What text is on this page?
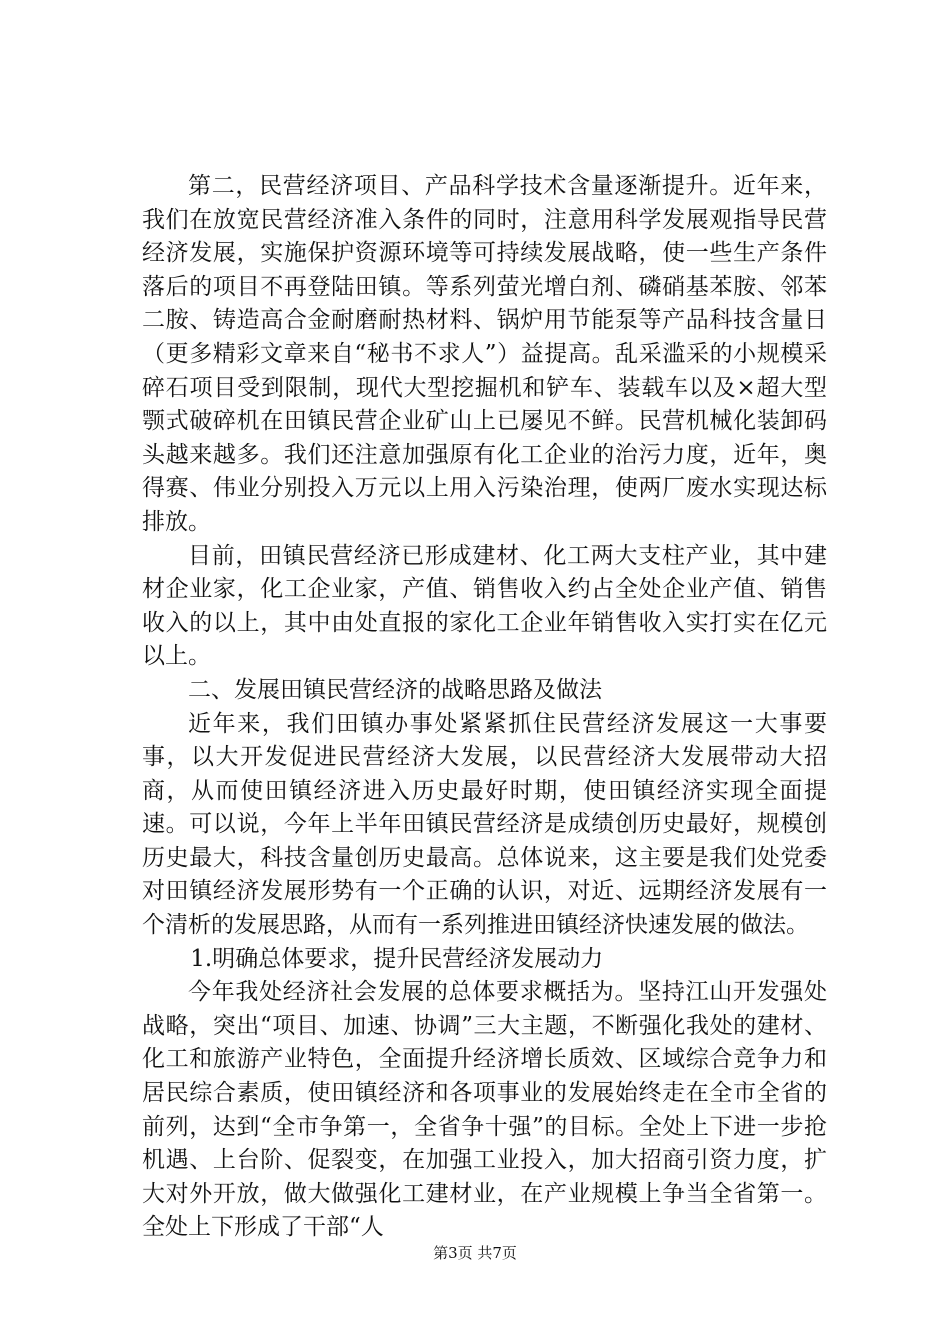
第二，民营经济项目、产品科学技术含量逐渐提升。近年来，我们在放宽民营经济准入条件的同时，注意用科学发展观指导民营经济发展，实施保护资源环境等可持续发展战略，使一些生产条件落后的项目不再登陆田镇。等系列萤光增白剂、磷硝基苯胺、邻苯二胺、铸造高合金耐磨耐热材料、锅炉用节能泵等产品科技含量日（更多精彩文章来自“秘书不求人”）益提高。乱采滥采的小规模采碎石项目受到限制，现代大型挖掘机和铲车、装载车以及×超大型颚式破碎机在田镇民营企业矿山上已屡见不鲜。民营机械化装卸码头越来越多。我们还注意加强原有化工企业的治污力度，近年，奥得赛、伟业分别投入万元以上用入污染治理，使两厂废水实现达标排放。

目前，田镇民营经济已形成建材、化工两大支柱产业，其中建材企业家，化工企业家，产值、销售收入约占全处企业产值、销售收入的以上，其中由处直报的家化工企业年销售收入实打实在亿元以上。

二、发展田镇民营经济的战略思路及做法

近年来，我们田镇办事处紧紧抓住民营经济发展这一大事要事，以大开发促进民营经济大发展，以民营经济大发展带动大招商，从而使田镇经济进入历史最好时期，使田镇经济实现全面提速。可以说，今年上半年田镇民营经济是成绩创历史最好，规模创历史最大，科技含量创历史最高。总体说来，这主要是我们处党委对田镇经济发展形势有一个正确的认识，对近、远期经济发展有一个清析的发展思路，从而有一系列推进田镇经济快速发展的做法。

1.明确总体要求，提升民营经济发展动力

今年我处经济社会发展的总体要求概括为。坚持江山开发强处战略，突出“项目、加速、协调”三大主题，不断强化我处的建材、化工和旅游产业特色，全面提升经济增长质效、区域综合竞争力和居民综合素质，使田镇经济和各项事业的发展始终走在全市全省的前列，达到“全市争第一，全省争十强”的目标。全处上下进一步抢机遇、上台阶、促裂变，在加强工业投入，加大招商引资力度，扩大对外开放，做大做强化工建材业，在产业规模上争当全省第一。全处上下形成了干部“人

第3页 共7页
